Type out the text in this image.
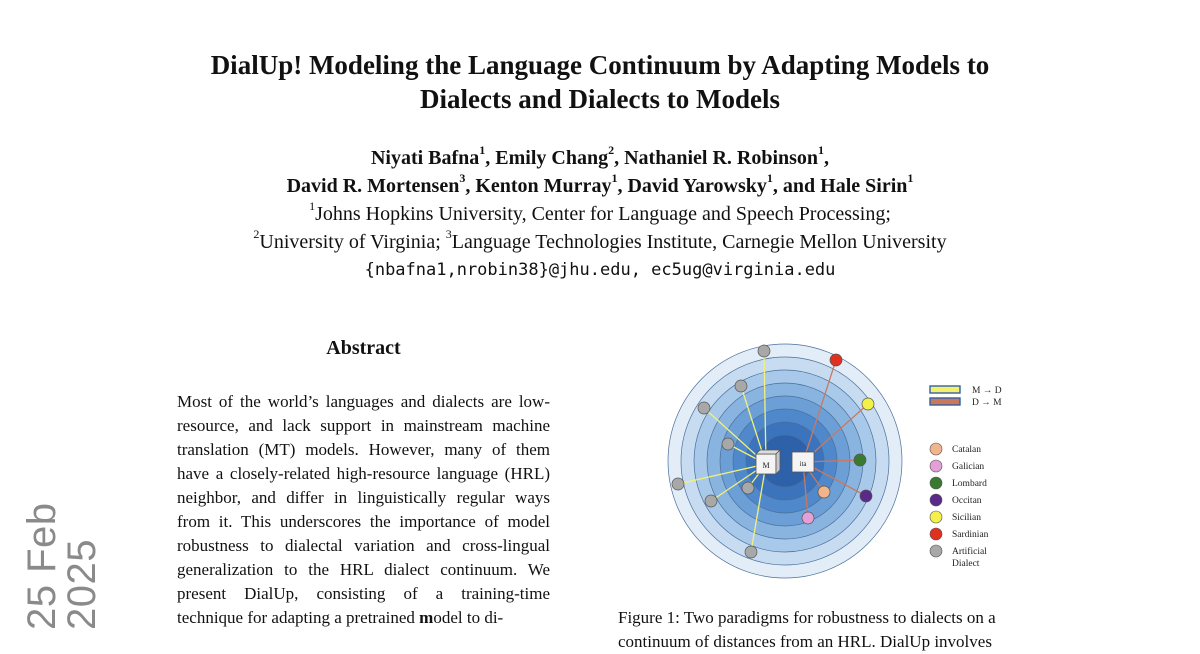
25 Feb 2025
DialUp! Modeling the Language Continuum by Adapting Models to
Dialects and Dialects to Models
Niyati Bafna$^1$, Emily Chang$^2$, Nathaniel R. Robinson$^1$,
David R. Mortensen$^3$, Kenton Murray$^1$, David Yarowsky$^1$, and Hale Sirin$^1$
$^1$Johns Hopkins University, Center for Language and Speech Processing;
$^2$University of Virginia; $^3$Language Technologies Institute, Carnegie Mellon University
{nbafna1,nrobin38}@jhu.edu, ec5ug@virginia.edu
Abstract
Most of the world’s languages and dialects are low-resource, and lack support in mainstream machine translation (MT) models. However, many of them have a closely-related high-resource language (HRL) neighbor, and differ in linguistically regular ways from it. This underscores the importance of model robustness to dialectal variation and cross-lingual generalization to the HRL dialect continuum. We present DialUp, consisting of a training-time technique for adapting a pretrained model to di-
M	ita
M → D
D → M
Catalan
Galician
Lombard
Occitan
Sicilian
Sardinian
Artificial
Dialect
Figure 1: Two paradigms for robustness to dialects on a
continuum of distances from an HRL. DialUp involves
